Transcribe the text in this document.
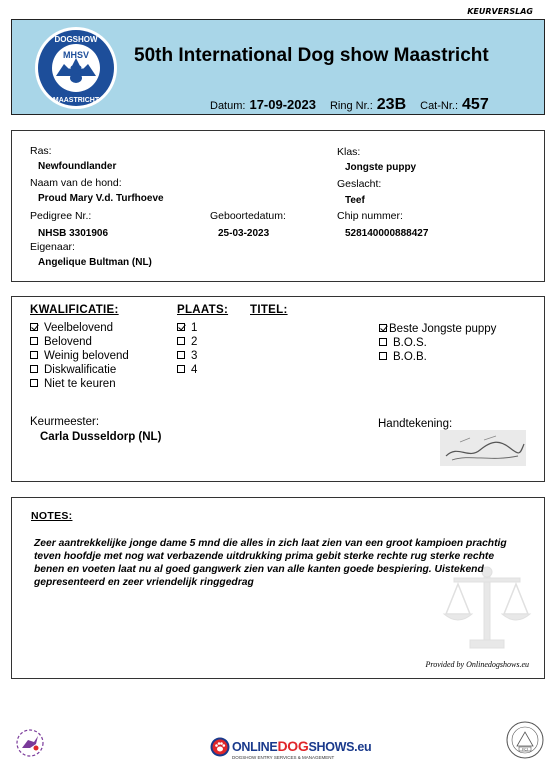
KEURVERSLAG
DOGSHOW
MHSV
MAASTRICHT
50th International Dog show Maastricht
Datum: 17-09-2023 Ring Nr.: 23B Cat-Nr.: 457
Ras:
Newfoundlander
Klas:
Jongste puppy
Naam van de hond:
Proud Mary V.d. Turfhoeve
Geslacht:
Teef
Pedigree Nr.:
NHSB 3301906
Geboortedatum:
25-03-2023
Chip nummer:
528140000888427
Eigenaar:
Angelique Bultman (NL)
KWALIFICATIE:	PLAATS: TITEL:
Veelbelovend
Belovend
Weinig belovend
Diskwalificatie
Niet te keuren
1
2
3
4
Beste Jongste puppy
B.O.S.
B.O.B.
Keurmeester:
Carla Dusseldorp (NL)
Handtekening:
NOTES:
Zeer aantrekkelijke jonge dame 5 mnd die alles in zich laat zien van een groot kampioen prachtig teven hoofdje met nog wat verbazende uitdrukking prima gebit sterke rechte rug sterke rechte benen en voeten laat nu al goed gangwerk zien van alle kanten goede bespiering. Uistekend gepresenteerd en zeer vriendelijk ringgedrag
Provided by Onlinedogshows.eu
ONLINEDOGSHOWS.eu
DOGSHOW ENTRY SERVICES & MANAGEMENT
FCI
